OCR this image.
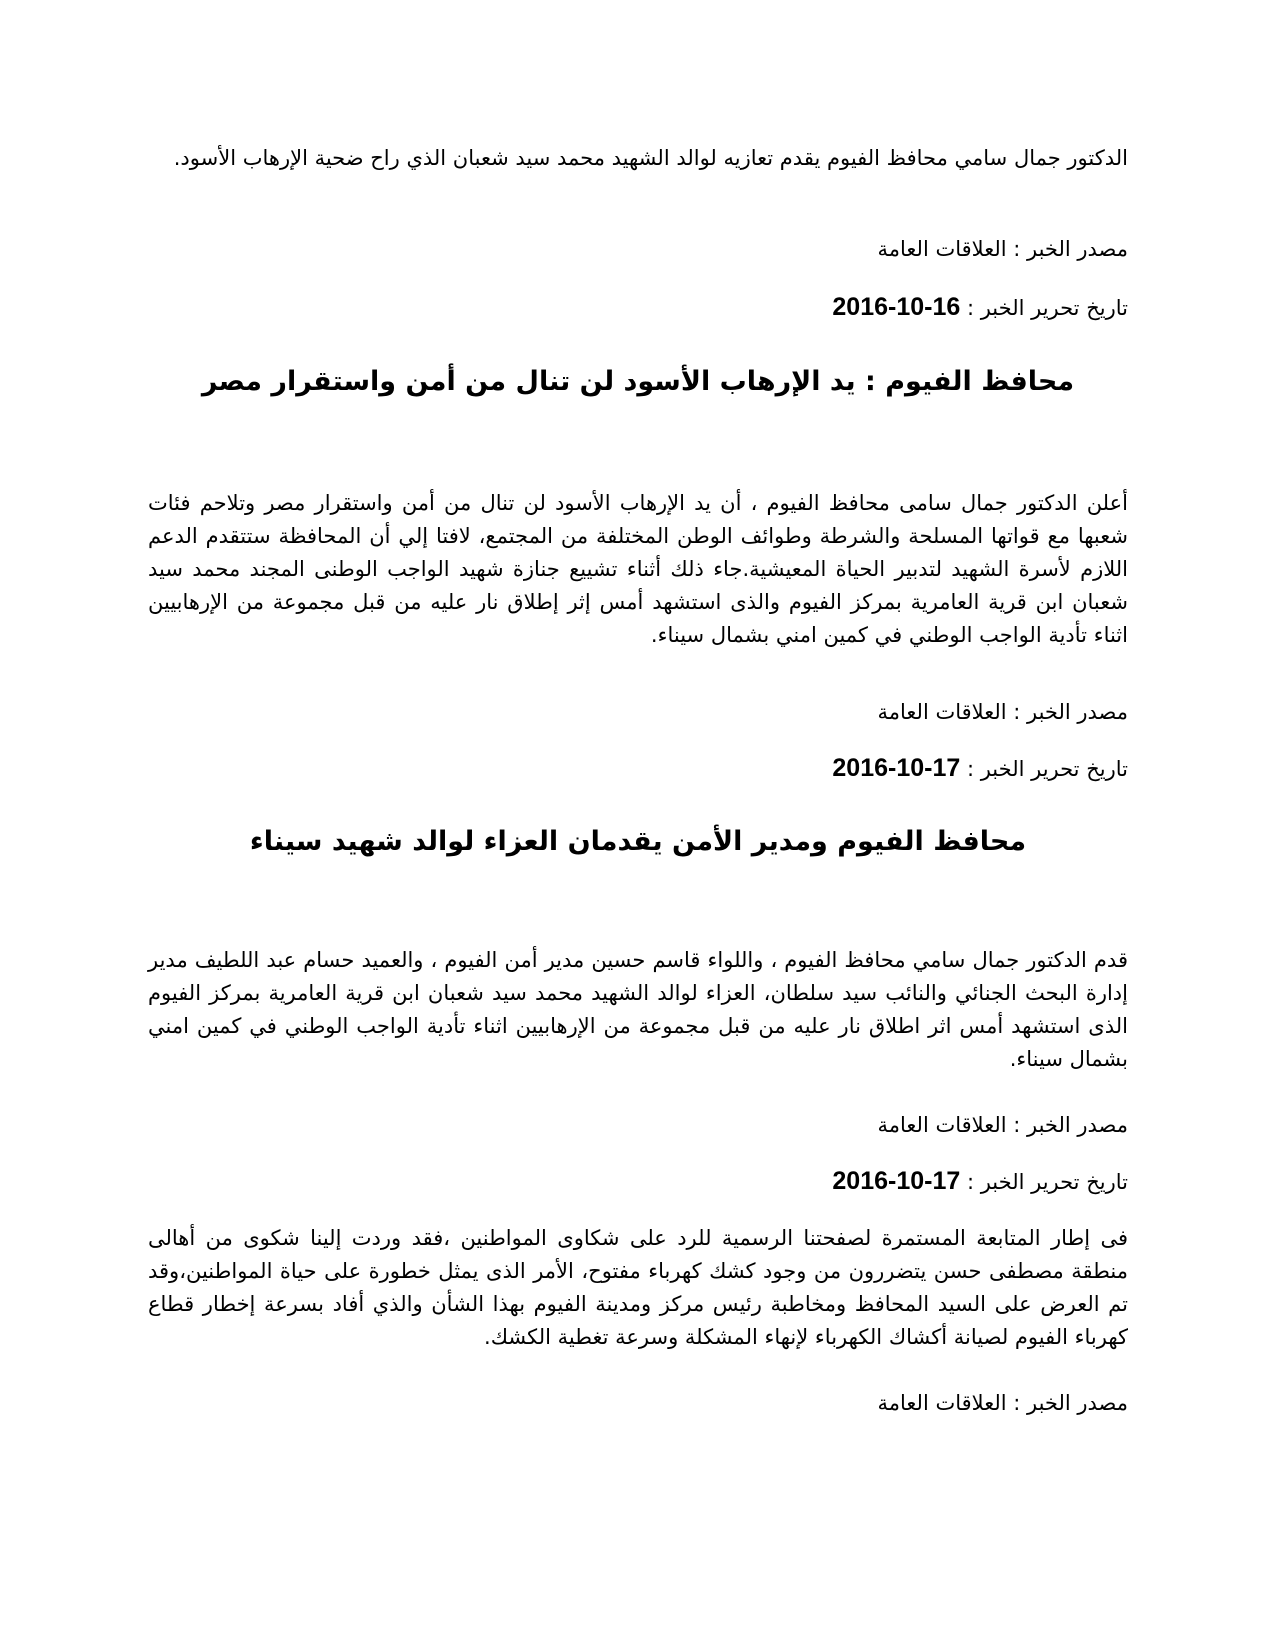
الدكتور جمال سامي محافظ الفيوم يقدم تعازيه لوالد الشهيد محمد سيد شعبان الذي راح ضحية الإرهاب الأسود.

مصدر الخبر : العلاقات العامة

تاريخ تحرير الخبر : 2016-10-16

محافظ الفيوم : يد الإرهاب الأسود لن تنال من أمن واستقرار مصر

أعلن الدكتور جمال سامى محافظ الفيوم ، أن يد الإرهاب الأسود لن تنال من أمن واستقرار مصر وتلاحم فئات شعبها مع قواتها المسلحة والشرطة وطوائف الوطن المختلفة من المجتمع، لافتا إلي أن المحافظة ستتقدم الدعم اللازم لأسرة الشهيد لتدبير الحياة المعيشية.جاء ذلك أثناء تشييع جنازة شهيد الواجب الوطنى المجند محمد سيد شعبان ابن قرية العامرية بمركز الفيوم والذى استشهد أمس إثر إطلاق نار عليه من قبل مجموعة من الإرهابيين اثناء تأدية الواجب الوطني في كمين امني بشمال سيناء.

مصدر الخبر : العلاقات العامة

تاريخ تحرير الخبر : 2016-10-17

محافظ الفيوم ومدير الأمن يقدمان العزاء لوالد شهيد سيناء

قدم الدكتور جمال سامي محافظ الفيوم ، واللواء قاسم حسين مدير أمن الفيوم ، والعميد حسام عبد اللطيف مدير إدارة البحث الجنائي والنائب سيد سلطان، العزاء لوالد الشهيد محمد سيد شعبان ابن قرية العامرية بمركز الفيوم الذى استشهد أمس اثر اطلاق نار عليه من قبل مجموعة من الإرهابيين اثناء تأدية الواجب الوطني في كمين امني بشمال سيناء.

مصدر الخبر : العلاقات العامة

تاريخ تحرير الخبر : 2016-10-17

فى إطار المتابعة المستمرة لصفحتنا الرسمية للرد على شكاوى المواطنين ،فقد وردت إلينا شكوى من أهالى منطقة مصطفى حسن يتضررون من وجود كشك كهرباء مفتوح، الأمر الذى يمثل خطورة على حياة المواطنين،وقد تم العرض على السيد المحافظ ومخاطبة رئيس مركز ومدينة الفيوم بهذا الشأن والذي أفاد بسرعة إخطار قطاع كهرباء الفيوم لصيانة أكشاك الكهرباء لإنهاء المشكلة وسرعة تغطية الكشك.

مصدر الخبر : العلاقات العامة
